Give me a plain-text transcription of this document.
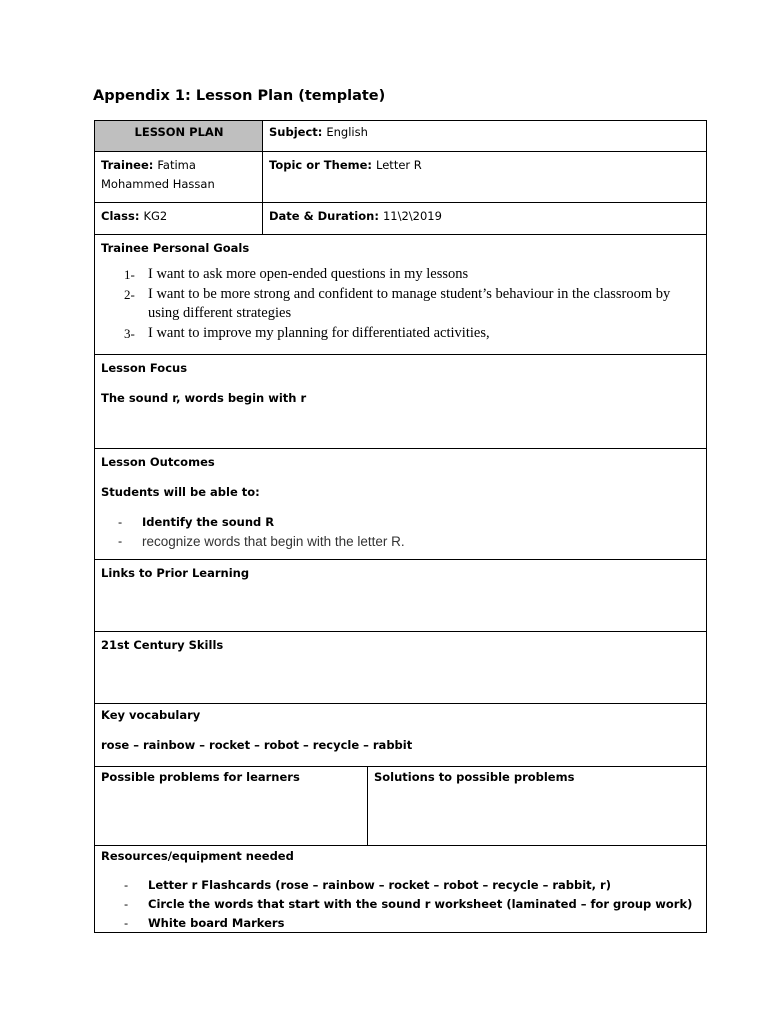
Appendix 1: Lesson Plan (template)
LESSON PLAN	Subject: English
Trainee: Fatima
Mohammed Hassan
Topic or Theme: Letter R
Class: KG2	Date & Duration: 11\2\2019
Trainee Personal Goals
1- I want to ask more open-ended questions in my lessons
2- I want to be more strong and confident to manage student’s behaviour in the classroom by using different strategies
3- I want to improve my planning for differentiated activities,
Lesson Focus
The sound r, words begin with r
Lesson Outcomes
Students will be able to:
- Identify the sound R
- recognize words that begin with the letter R.
Links to Prior Learning
21st Century Skills
Key vocabulary
rose – rainbow – rocket – robot – recycle – rabbit
Possible problems for learners	Solutions to possible problems
Resources/equipment needed
- Letter r Flashcards (rose – rainbow – rocket – robot – recycle – rabbit, r)
- Circle the words that start with the sound r worksheet (laminated – for group work)
- White board Markers
